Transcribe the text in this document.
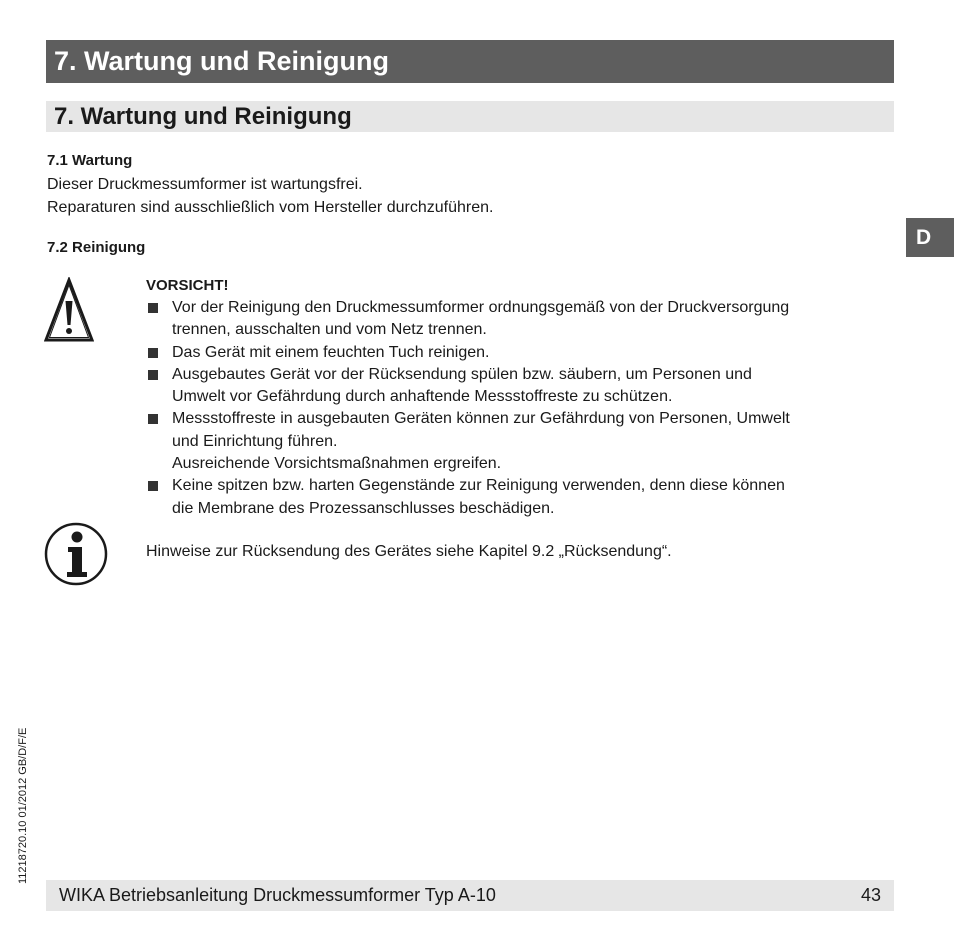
7. Wartung und Reinigung
7. Wartung und Reinigung
7.1 Wartung
Dieser Druckmessumformer ist wartungsfrei.
Reparaturen sind ausschließlich vom Hersteller durchzuführen.
D
7.2 Reinigung
VORSICHT!
Vor der Reinigung den Druckmessumformer ordnungsgemäß von der Druckversorgung
trennen, ausschalten und vom Netz trennen.
Das Gerät mit einem feuchten Tuch reinigen.
Ausgebautes Gerät vor der Rücksendung spülen bzw. säubern, um Personen und
Umwelt vor Gefährdung durch anhaftende Messstoffreste zu schützen.
Messstoffreste in ausgebauten Geräten können zur Gefährdung von Personen, Umwelt
und Einrichtung führen.
Ausreichende Vorsichtsmaßnahmen ergreifen.
Keine spitzen bzw. harten Gegenstände zur Reinigung verwenden, denn diese können
die Membrane des Prozessanschlusses beschädigen.
Hinweise zur Rücksendung des Gerätes siehe Kapitel 9.2 „Rücksendung“.
11218720.10 01/2012 GB/D/F/E
WIKA Betriebsanleitung Druckmessumformer Typ A-10	43
